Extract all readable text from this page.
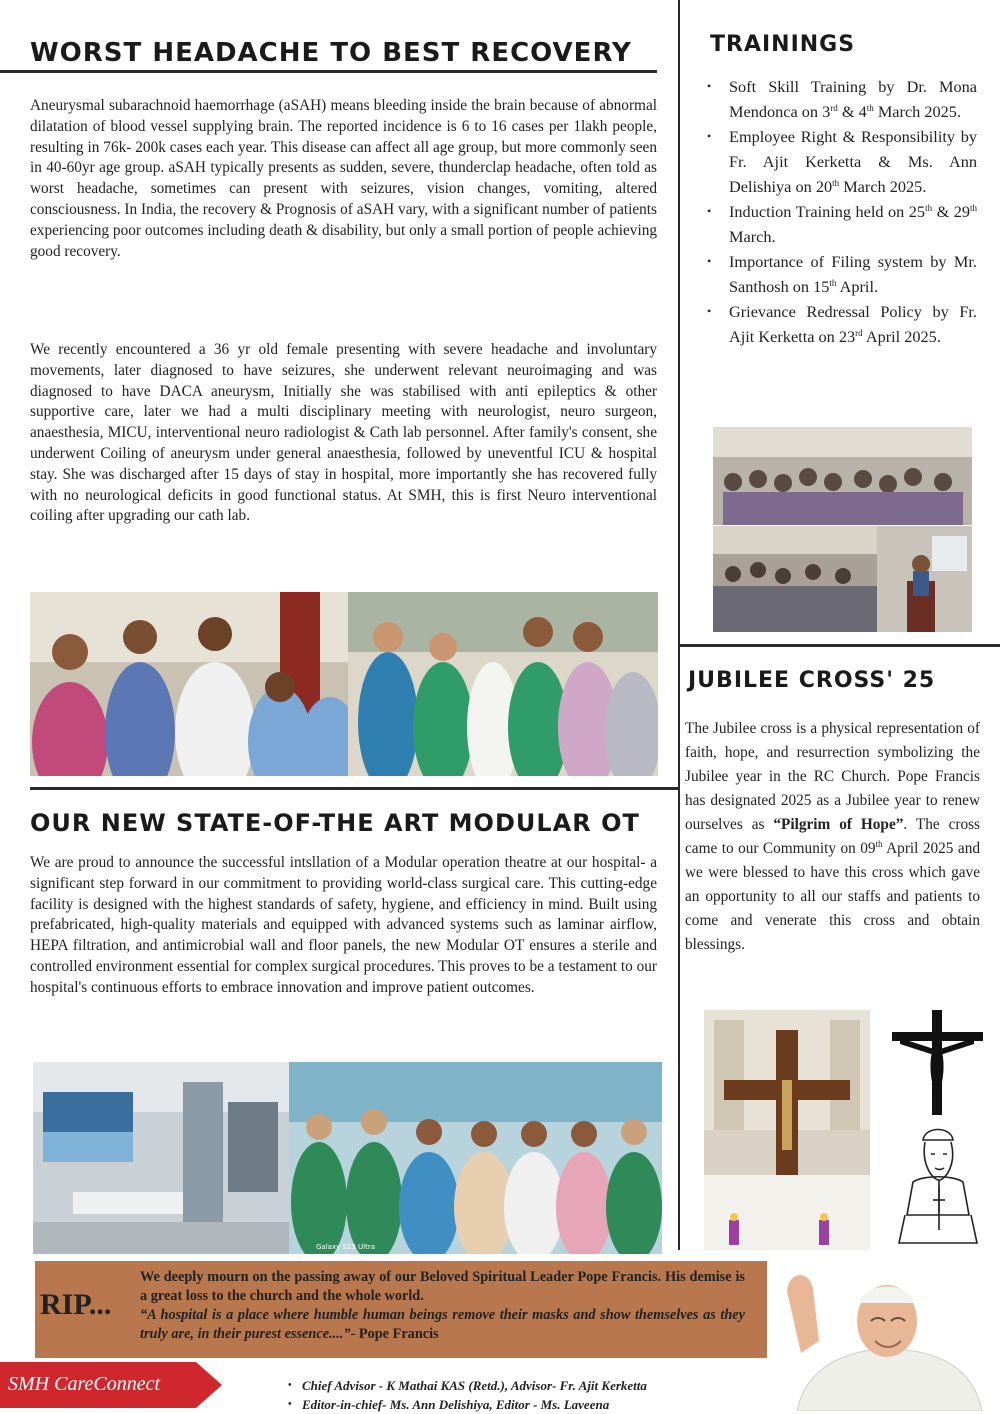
WORST HEADACHE TO BEST RECOVERY

Aneurysmal subarachnoid haemorrhage (aSAH) means bleeding inside the brain because of abnormal dilatation of blood vessel supplying brain. The reported incidence is 6 to 16 cases per 1lakh people, resulting in 76k- 200k cases each year. This disease can affect all age group, but more commonly seen in 40-60yr age group. aSAH typically presents as sudden, severe, thunderclap headache, often told as worst headache, sometimes can present with seizures, vision changes, vomiting, altered consciousness. In India, the recovery & Prognosis of aSAH vary, with a significant number of patients experiencing poor outcomes including death & disability, but only a small portion of people achieving good recovery.

We recently encountered a 36 yr old female presenting with severe headache and involuntary movements, later diagnosed to have seizures, she underwent relevant neuroimaging and was diagnosed to have DACA aneurysm, Initially she was stabilised with anti epileptics & other supportive care, later we had a multi disciplinary meeting with neurologist, neuro surgeon, anaesthesia, MICU, interventional neuro radiologist & Cath lab personnel. After family's consent, she underwent Coiling of aneurysm under general anaesthesia, followed by uneventful ICU & hospital stay. She was discharged after 15 days of stay in hospital, more importantly she has recovered fully with no neurological deficits in good functional status. At SMH, this is first Neuro interventional coiling after upgrading our cath lab.

OUR NEW STATE-OF-THE ART MODULAR OT

We are proud to announce the successful intsllation of a Modular operation theatre at our hospital- a significant step forward in our commitment to providing world-class surgical care. This cutting-edge facility is designed with the highest standards of safety, hygiene, and efficiency in mind. Built using prefabricated, high-quality materials and equipped with advanced systems such as laminar airflow, HEPA filtration, and antimicrobial wall and floor panels, the new Modular OT ensures a sterile and controlled environment essential for complex surgical procedures. This proves to be a testament to our hospital's continuous efforts to embrace innovation and improve patient outcomes.

Galaxy S23 Ultra
TRAININGS
• Soft Skill Training by Dr. Mona Mendonca on 3rd & 4th March 2025.
• Employee Right & Responsibility by Fr. Ajit Kerketta & Ms. Ann Delishiya on 20th March 2025.
• Induction Training held on 25th & 29th March.
• Importance of Filing system by Mr. Santhosh on 15th April.
• Grievance Redressal Policy by Fr. Ajit Kerketta on 23rd April 2025.
JUBILEE CROSS' 25

The Jubilee cross is a physical representation of faith, hope, and resurrection symbolizing the Jubilee year in the RC Church. Pope Francis has designated 2025 as a Jubilee year to renew ourselves as “Pilgrim of Hope”. The cross came to our Community on 09th April 2025 and we were blessed to have this cross which gave an opportunity to all our staffs and patients to come and venerate this cross and obtain blessings.

RIP...
We deeply mourn on the passing away of our Beloved Spiritual Leader Pope Francis. His demise is a great loss to the church and the whole world.
“A hospital is a place where humble human beings remove their masks and show themselves as they truly are, in their purest essence....”- Pope Francis
SMH CareConnect	• Chief Advisor - K Mathai KAS (Retd.), Advisor- Fr. Ajit Kerketta
• Editor-in-chief- Ms. Ann Delishiya, Editor - Ms. Laveena
